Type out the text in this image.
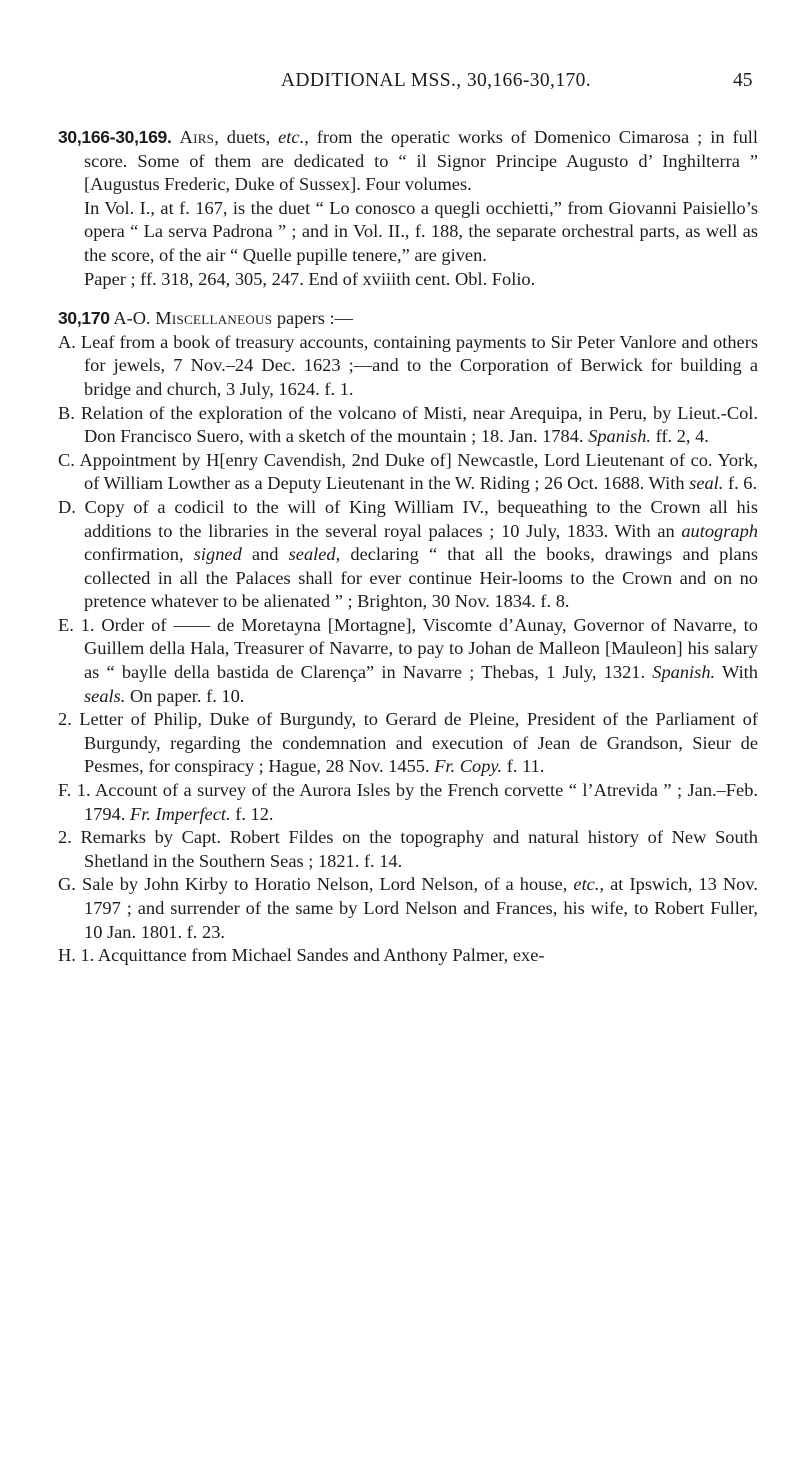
ADDITIONAL MSS., 30,166-30,170.	45

30,166-30,169. Airs, duets, etc., from the operatic works of Domenico Cimarosa ; in full score. Some of them are dedicated to “ il Signor Principe Augusto d’ Inghilterra ” [Augustus Frederic, Duke of Sussex]. Four volumes.
In Vol. I., at f. 167, is the duet “ Lo conosco a quegli occhietti,” from Giovanni Paisiello’s opera “ La serva Padrona ” ; and in Vol. II., f. 188, the separate orchestral parts, as well as the score, of the air “ Quelle pupille tenere,” are given.
Paper ; ff. 318, 264, 305, 247. End of xviiith cent. Obl. Folio.

30,170 A-O. Miscellaneous papers :—

A. Leaf from a book of treasury accounts, containing payments to Sir Peter Vanlore and others for jewels, 7 Nov.–24 Dec. 1623 ;—and to the Corporation of Berwick for building a bridge and church, 3 July, 1624. f. 1.
B. Relation of the exploration of the volcano of Misti, near Arequipa, in Peru, by Lieut.-Col. Don Francisco Suero, with a sketch of the mountain ; 18. Jan. 1784. Spanish. ff. 2, 4.
C. Appointment by H[enry Cavendish, 2nd Duke of] Newcastle, Lord Lieutenant of co. York, of William Lowther as a Deputy Lieutenant in the W. Riding ; 26 Oct. 1688. With seal. f. 6.
D. Copy of a codicil to the will of King William IV., bequeathing to the Crown all his additions to the libraries in the several royal palaces ; 10 July, 1833. With an autograph confirmation, signed and sealed, declaring “ that all the books, drawings and plans collected in all the Palaces shall for ever continue Heir-looms to the Crown and on no pretence whatever to be alienated ” ; Brighton, 30 Nov. 1834. f. 8.
E. 1. Order of —— de Moretayna [Mortagne], Viscomte d’Aunay, Governor of Navarre, to Guillem della Hala, Treasurer of Navarre, to pay to Johan de Malleon [Mauleon] his salary as “ baylle della bastida de Clarença” in Navarre ; Thebas, 1 July, 1321. Spanish. With seals. On paper. f. 10.
2. Letter of Philip, Duke of Burgundy, to Gerard de Pleine, President of the Parliament of Burgundy, regarding the condemnation and execution of Jean de Grandson, Sieur de Pesmes, for conspiracy ; Hague, 28 Nov. 1455. Fr. Copy. f. 11.
F. 1. Account of a survey of the Aurora Isles by the French corvette “ l’Atrevida ” ; Jan.–Feb. 1794. Fr. Imperfect. f. 12.
2. Remarks by Capt. Robert Fildes on the topography and natural history of New South Shetland in the Southern Seas ; 1821. f. 14.
G. Sale by John Kirby to Horatio Nelson, Lord Nelson, of a house, etc., at Ipswich, 13 Nov. 1797 ; and surrender of the same by Lord Nelson and Frances, his wife, to Robert Fuller, 10 Jan. 1801. f. 23.
H. 1. Acquittance from Michael Sandes and Anthony Palmer, exe-
